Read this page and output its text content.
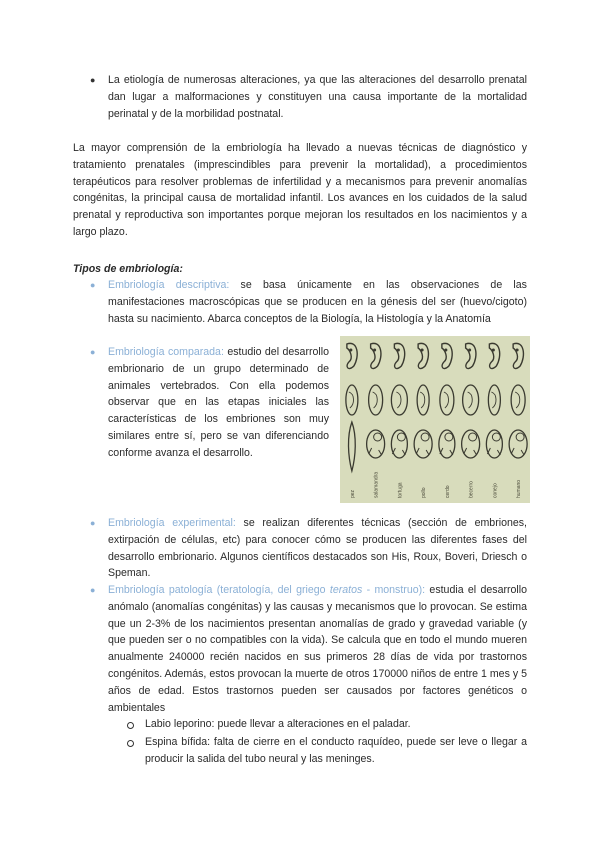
● La etiología de numerosas alteraciones, ya que las alteraciones del desarrollo prenatal dan lugar a malformaciones y constituyen una causa importante de la mortalidad perinatal y de la morbilidad postnatal.

La mayor comprensión de la embriología ha llevado a nuevas técnicas de diagnóstico y tratamiento prenatales (imprescindibles para prevenir la mortalidad), a procedimientos terapéuticos para resolver problemas de infertilidad y a mecanismos para prevenir anomalías congénitas, la principal causa de mortalidad infantil. Los avances en los cuidados de la salud prenatal y reproductiva son importantes porque mejoran los resultados en los nacimientos y a largo plazo.

Tipos de embriología:

● Embriología descriptiva: se basa únicamente en las observaciones de las manifestaciones macroscópicas que se producen en la génesis del ser (huevo/cigoto) hasta su nacimiento. Abarca conceptos de la Biología, la Histología y la Anatomía

● Embriología comparada: estudio del desarrollo embrionario de un grupo determinado de animales vertebrados. Con ella podemos observar que en las etapas iniciales las características de los embriones son muy similares entre sí, pero se van diferenciando conforme avanza el desarrollo.

pez	salamandra	tortuga	pollo	cerdo	becerro	conejo	humano
● Embriología experimental: se realizan diferentes técnicas (sección de embriones, extirpación de células, etc) para conocer cómo se producen las diferentes fases del desarrollo embrionario. Algunos científicos destacados son His, Roux, Boveri, Driesch o Speman.

● Embriología patología (teratología, del griego teratos - monstruo): estudia el desarrollo anómalo (anomalías congénitas) y las causas y mecanismos que lo provocan. Se estima que un 2-3% de los nacimientos presentan anomalías de grado y gravedad variable (y que pueden ser o no compatibles con la vida). Se calcula que en todo el mundo mueren anualmente 240000 recién nacidos en sus primeros 28 días de vida por trastornos congénitos. Además, estos provocan la muerte de otros 170000 niños de entre 1 mes y 5 años de edad. Estos trastornos pueden ser causados por factores genéticos o ambientales

Labio leporino: puede llevar a alteraciones en el paladar.

Espina bífida: falta de cierre en el conducto raquídeo, puede ser leve o llegar a producir la salida del tubo neural y las meninges.
